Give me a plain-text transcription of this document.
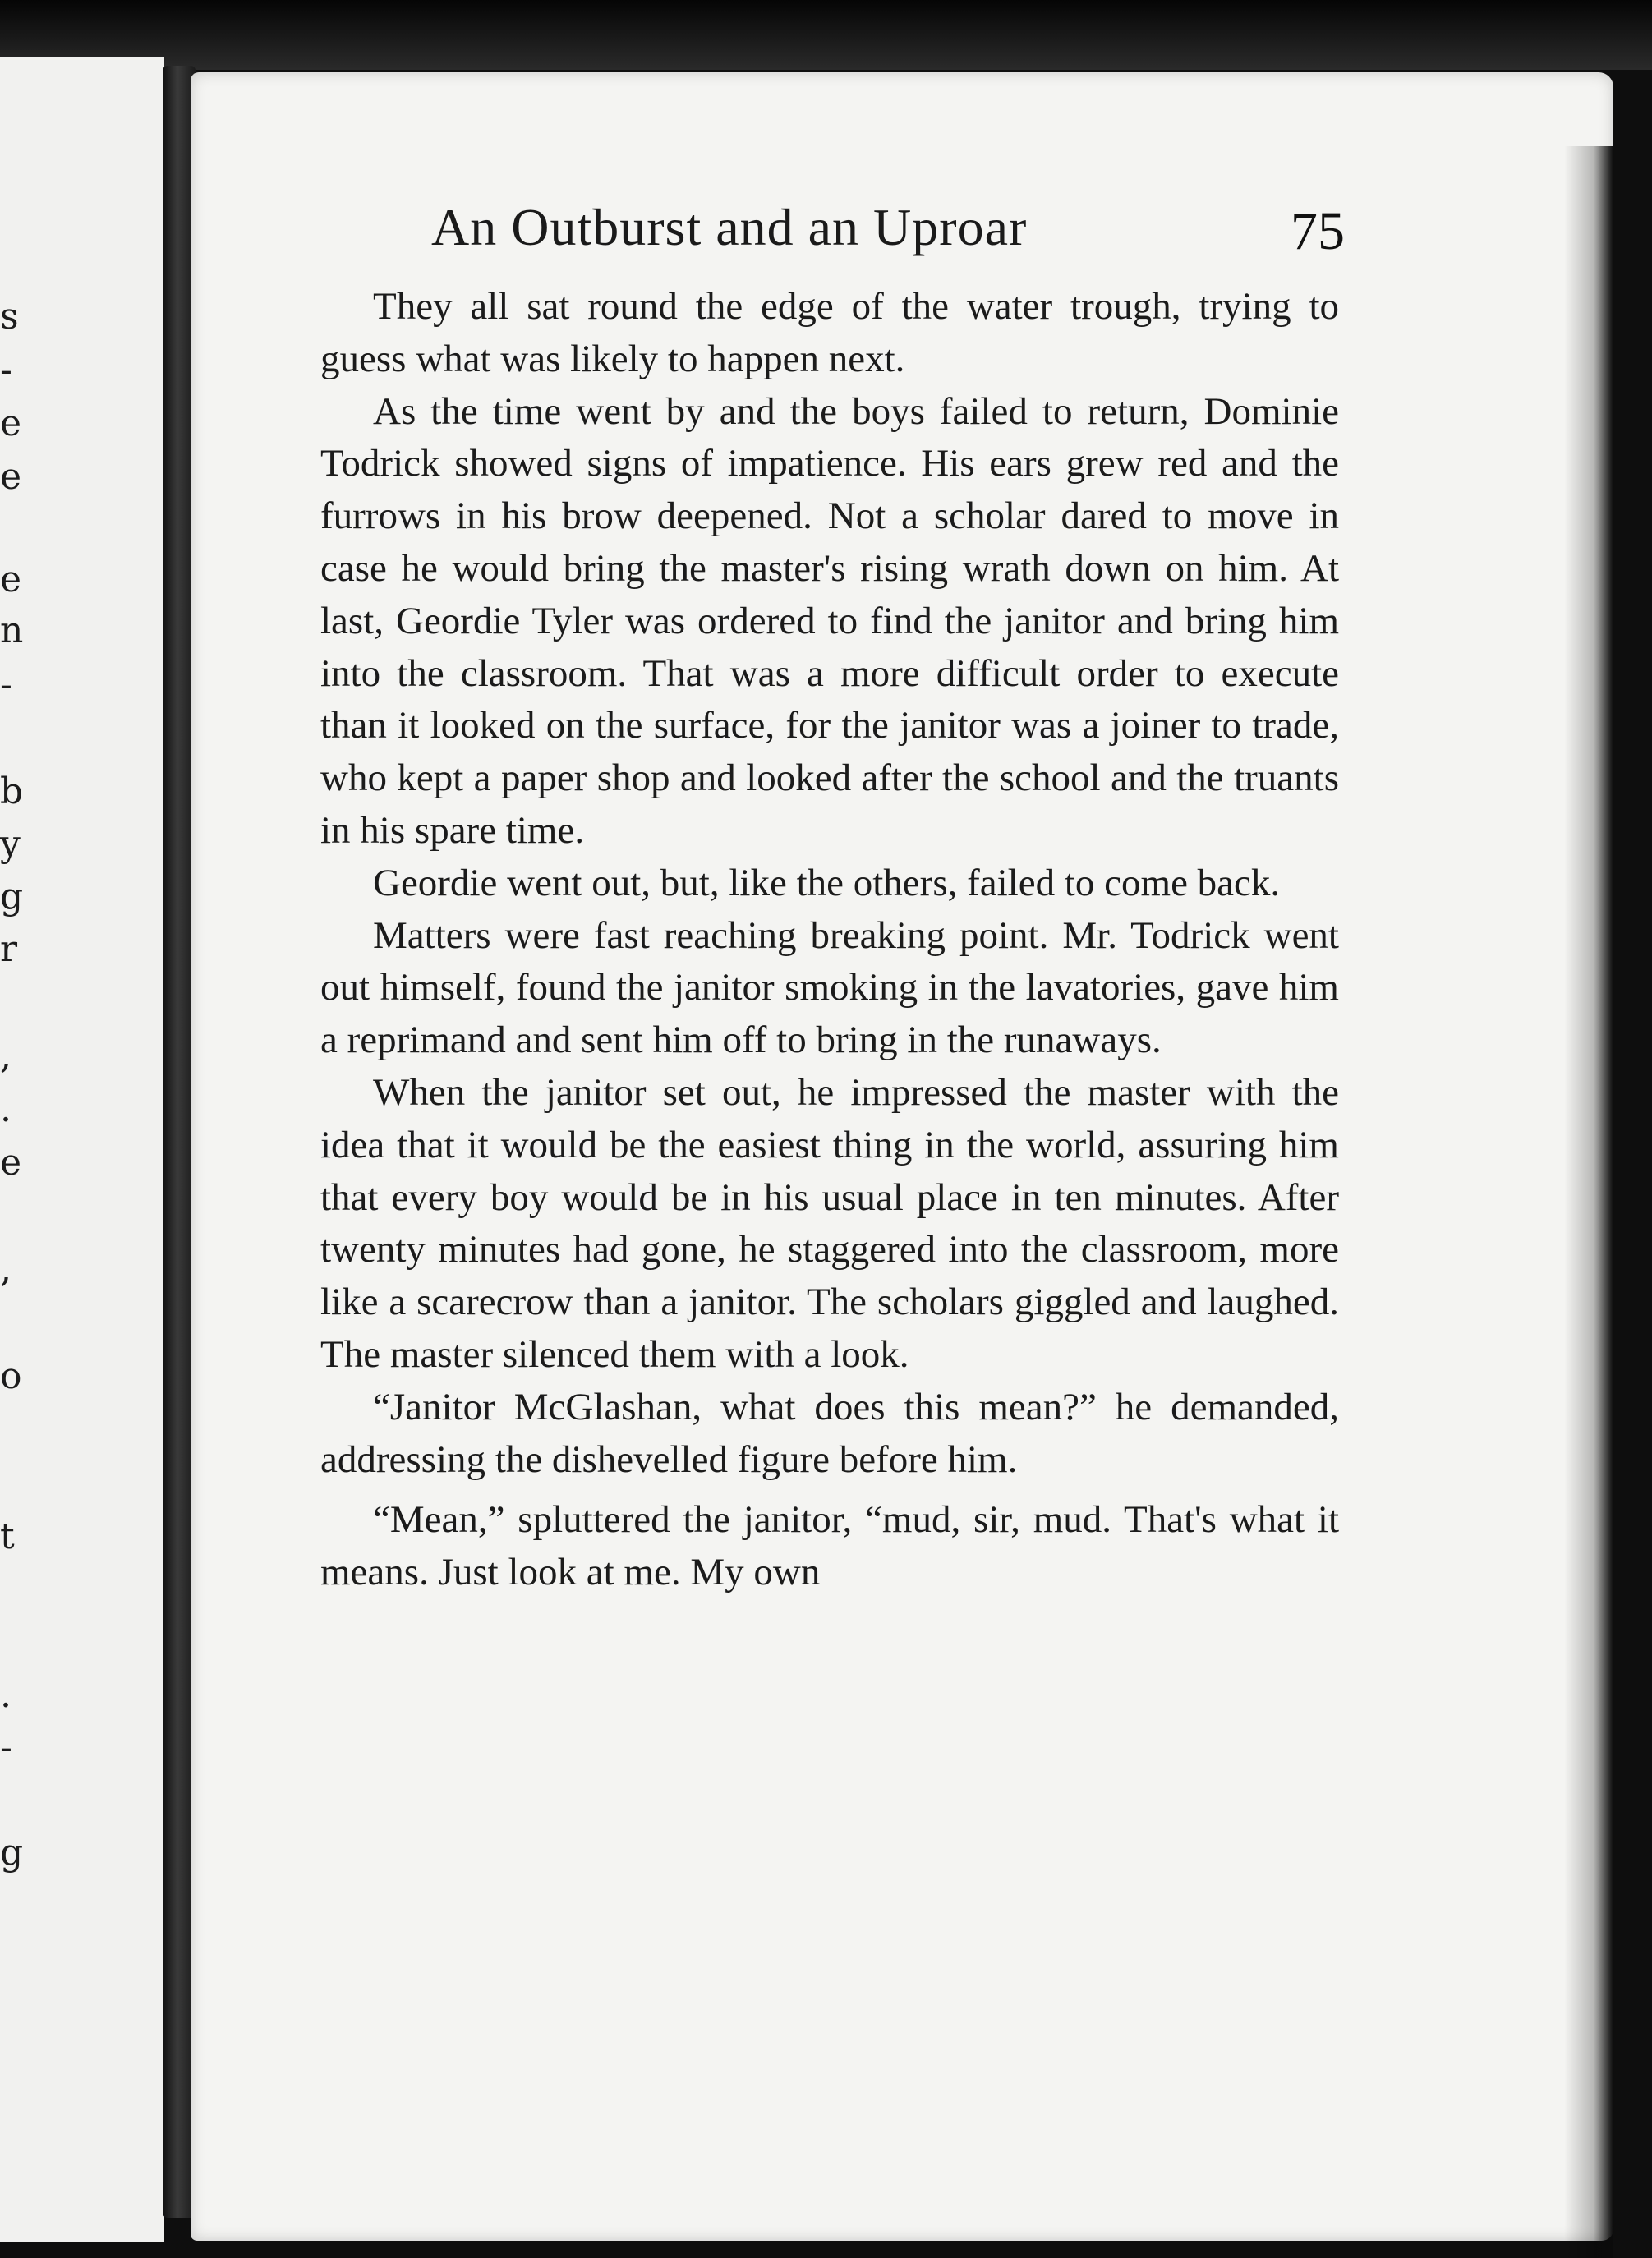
s
-
e
e
e
n
-
b
y
g
r
,
.
e
,
o
t
.
-
g
An Outburst and an Uproar	75

They all sat round the edge of the water trough, trying to guess what was likely to happen next.

As the time went by and the boys failed to return, Dominie Todrick showed signs of impatience. His ears grew red and the furrows in his brow deepened. Not a scholar dared to move in case he would bring the master's rising wrath down on him. At last, Geordie Tyler was ordered to find the janitor and bring him into the classroom. That was a more difficult order to execute than it looked on the surface, for the janitor was a joiner to trade, who kept a paper shop and looked after the school and the truants in his spare time.

Geordie went out, but, like the others, failed to come back.

Matters were fast reaching breaking point. Mr. Todrick went out himself, found the janitor smoking in the lavatories, gave him a reprimand and sent him off to bring in the runaways.

When the janitor set out, he impressed the master with the idea that it would be the easiest thing in the world, assuring him that every boy would be in his usual place in ten minutes. After twenty minutes had gone, he staggered into the classroom, more like a scarecrow than a janitor. The scholars giggled and laughed. The master silenced them with a look.

“Janitor McGlashan, what does this mean?” he demanded, addressing the dishevelled figure before him.

“Mean,” spluttered the janitor, “mud, sir, mud. That's what it means. Just look at me. My own
